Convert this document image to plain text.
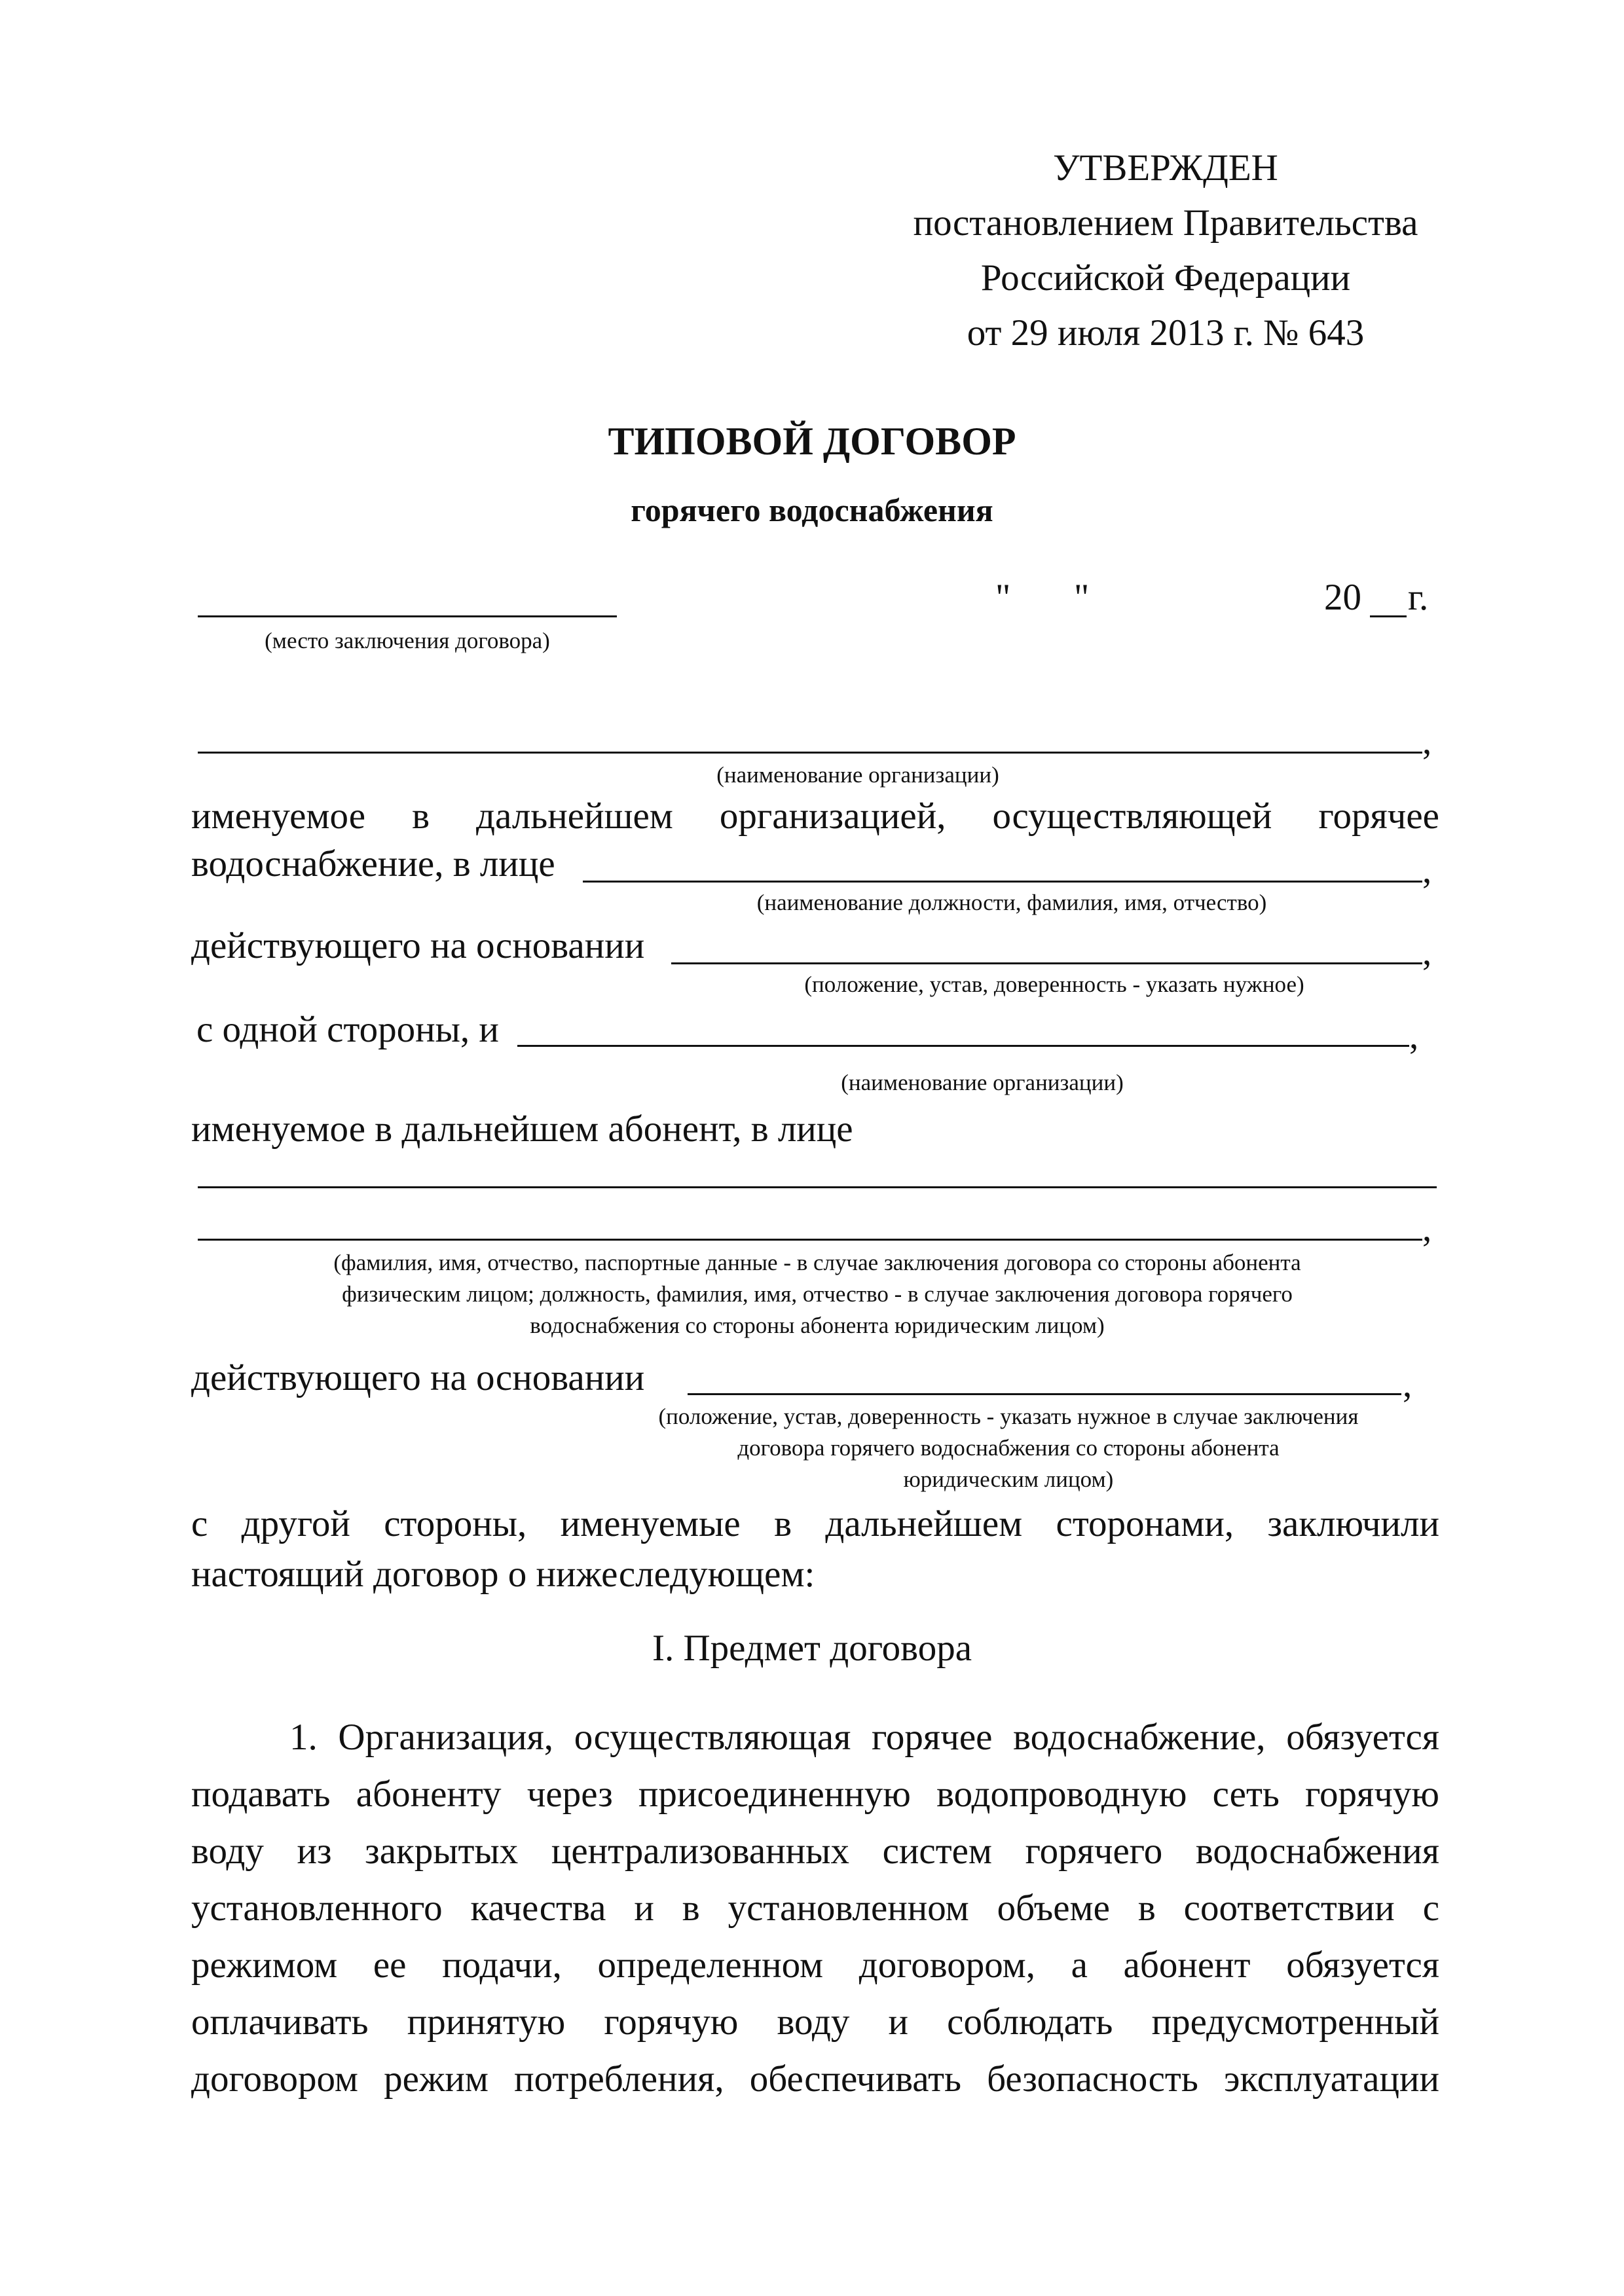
УТВЕРЖДЕН
постановлением Правительства
Российской Федерации
от 29 июля 2013 г. № 643
ТИПОВОЙ ДОГОВОР
горячего водоснабжения
(место заключения договора)
" "	20 г.
,
(наименование организации)
именуемое в дальнейшем организацией, осуществляющей горячее
водоснабжение, в лице	,
(наименование должности, фамилия, имя, отчество)
действующего на основании	,
(положение, устав, доверенность - указать нужное)
с одной стороны, и	,
(наименование организации)
именуемое в дальнейшем абонент, в лице
,
(фамилия, имя, отчество, паспортные данные - в случае заключения договора со стороны абонента
физическим лицом; должность, фамилия, имя, отчество - в случае заключения договора горячего
водоснабжения со стороны абонента юридическим лицом)
действующего на основании	,
(положение, устав, доверенность - указать нужное в случае заключения
договора горячего водоснабжения со стороны абонента
юридическим лицом)
с другой стороны, именуемые в дальнейшем сторонами, заключили
настоящий договор о нижеследующем:
I. Предмет договора
1. Организация, осуществляющая горячее водоснабжение, обязуется
подавать абоненту через присоединенную водопроводную сеть горячую
воду из закрытых централизованных систем горячего водоснабжения
установленного качества и в установленном объеме в соответствии с
режимом ее подачи, определенном договором, а абонент обязуется
оплачивать принятую горячую воду и соблюдать предусмотренный
договором режим потребления, обеспечивать безопасность эксплуатации
